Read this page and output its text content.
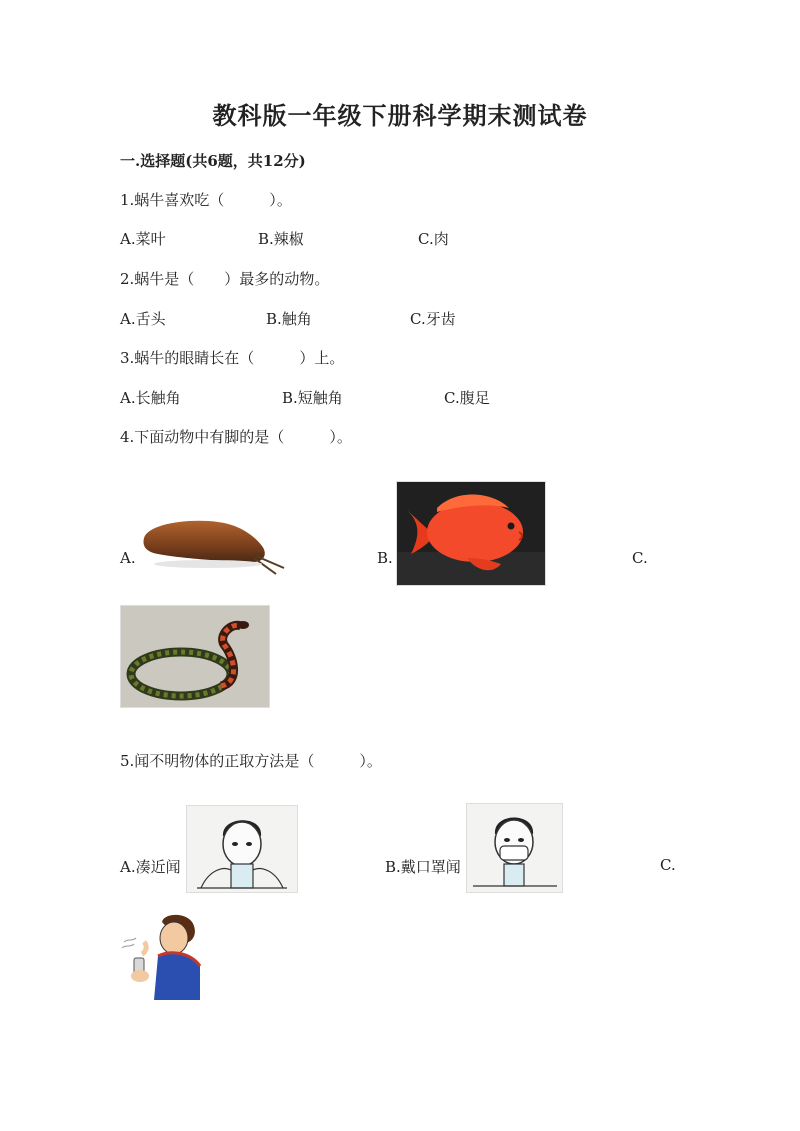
教科版一年级下册科学期末测试卷
一.选择题(共6题，共12分)
1.蜗牛喜欢吃（　　　）。
A.菜叶	B.辣椒	C.肉
2.蜗牛是（　　）最多的动物。
A.舌头	B.触角	C.牙齿
3.蜗牛的眼睛长在（　　　）上。
A.长触角	B.短触角	C.腹足
4.下面动物中有脚的是（　　　）。
A.	B.	C.
5.闻不明物体的正取方法是（　　　）。
A.凑近闻	B.戴口罩闻	C.
